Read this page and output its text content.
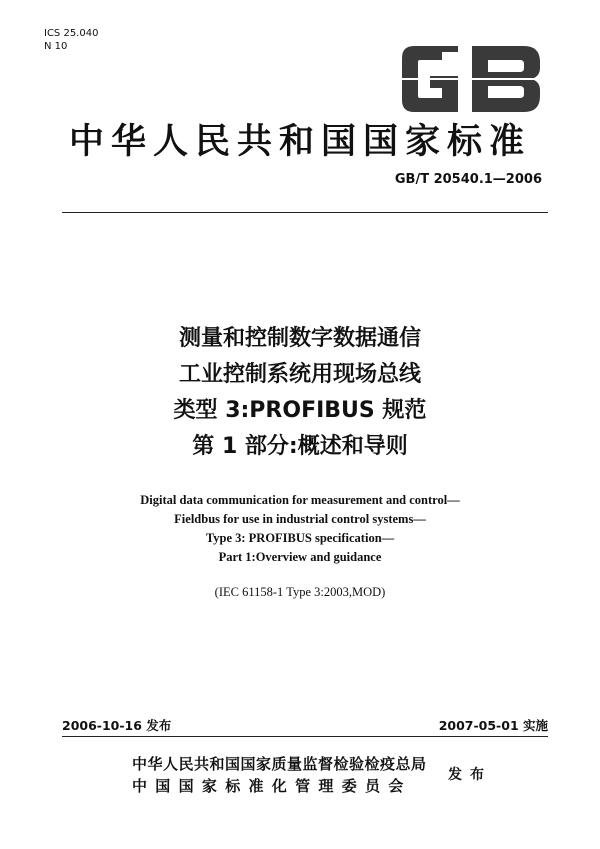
ICS 25.040
N 10
中华人民共和国国家标准
GB/T 20540.1—2006
测量和控制数字数据通信
工业控制系统用现场总线
类型 3:PROFIBUS 规范
第 1 部分:概述和导则
Digital data communication for measurement and control—
Fieldbus for use in industrial control systems—
Type 3: PROFIBUS specification—
Part 1:Overview and guidance
(IEC 61158-1 Type 3:2003,MOD)
2006-10-16 发布	2007-05-01 实施
中华人民共和国国家质量监督检验检疫总局
中国国家标准化管理委员会
发布
